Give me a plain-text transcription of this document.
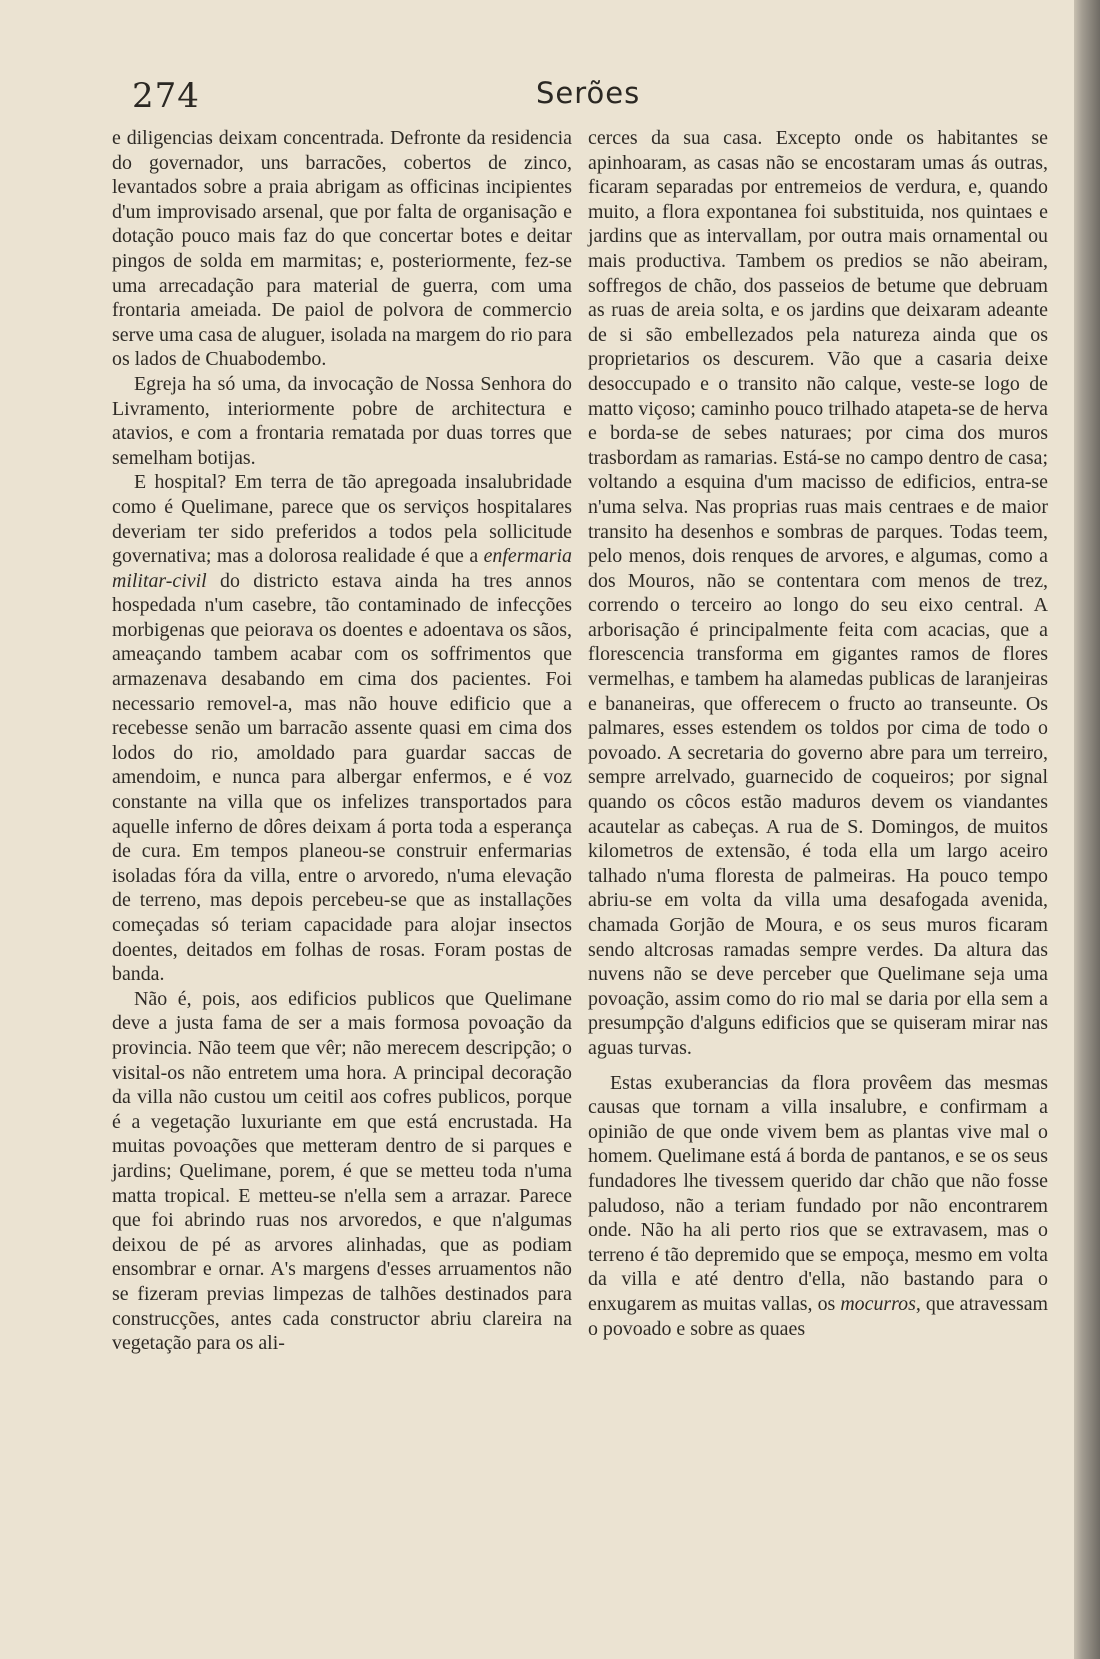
274	Serões

e diligencias deixam concentrada. Defronte da residencia do governador, uns barracões, cobertos de zinco, levantados sobre a praia abrigam as officinas incipientes d'um improvisado arsenal, que por falta de organisação e dotação pouco mais faz do que concertar botes e deitar pingos de solda em marmitas; e, posteriormente, fez-se uma arrecadação para material de guerra, com uma frontaria ameiada. De paiol de polvora de commercio serve uma casa de aluguer, isolada na margem do rio para os lados de Chuabodembo.

Egreja ha só uma, da invocação de Nossa Senhora do Livramento, interiormente pobre de architectura e atavios, e com a frontaria rematada por duas torres que semelham botijas.

E hospital? Em terra de tão apregoada insalubridade como é Quelimane, parece que os serviços hospitalares deveriam ter sido preferidos a todos pela sollicitude governativa; mas a dolorosa realidade é que a enfermaria militar-civil do districto estava ainda ha tres annos hospedada n'um casebre, tão contaminado de infecções morbigenas que peiorava os doentes e adoentava os sãos, ameaçando tambem acabar com os soffrimentos que armazenava desabando em cima dos pacientes. Foi necessario removel-a, mas não houve edificio que a recebesse senão um barracão assente quasi em cima dos lodos do rio, amoldado para guardar saccas de amendoim, e nunca para albergar enfermos, e é voz constante na villa que os infelizes transportados para aquelle inferno de dôres deixam á porta toda a esperança de cura. Em tempos planeou-se construir enfermarias isoladas fóra da villa, entre o arvoredo, n'uma elevação de terreno, mas depois percebeu-se que as installações começadas só teriam capacidade para alojar insectos doentes, deitados em folhas de rosas. Foram postas de banda.

Não é, pois, aos edificios publicos que Quelimane deve a justa fama de ser a mais formosa povoação da provincia. Não teem que vêr; não merecem descripção; o visital-os não entretem uma hora. A principal decoração da villa não custou um ceitil aos cofres publicos, porque é a vegetação luxuriante em que está encrustada. Ha muitas povoações que metteram dentro de si parques e jardins; Quelimane, porem, é que se metteu toda n'uma matta tropical. E metteu-se n'ella sem a arrazar. Parece que foi abrindo ruas nos arvoredos, e que n'algumas deixou de pé as arvores alinhadas, que as podiam ensombrar e ornar. A's margens d'esses arruamentos não se fizeram previas limpezas de talhões destinados para construcções, antes cada constructor abriu clareira na vegetação para os ali-

cerces da sua casa. Excepto onde os habitantes se apinhoaram, as casas não se encostaram umas ás outras, ficaram separadas por entremeios de verdura, e, quando muito, a flora expontanea foi substituida, nos quintaes e jardins que as intervallam, por outra mais ornamental ou mais productiva. Tambem os predios se não abeiram, soffregos de chão, dos passeios de betume que debruam as ruas de areia solta, e os jardins que deixaram adeante de si são embellezados pela natureza ainda que os proprietarios os descurem. Vão que a casaria deixe desoccupado e o transito não calque, veste-se logo de matto viçoso; caminho pouco trilhado atapeta-se de herva e borda-se de sebes naturaes; por cima dos muros trasbordam as ramarias. Está-se no campo dentro de casa; voltando a esquina d'um macisso de edificios, entra-se n'uma selva. Nas proprias ruas mais centraes e de maior transito ha desenhos e sombras de parques. Todas teem, pelo menos, dois renques de arvores, e algumas, como a dos Mouros, não se contentara com menos de trez, correndo o terceiro ao longo do seu eixo central. A arborisação é principalmente feita com acacias, que a florescencia transforma em gigantes ramos de flores vermelhas, e tambem ha alamedas publicas de laranjeiras e bananeiras, que offerecem o fructo ao transeunte. Os palmares, esses estendem os toldos por cima de todo o povoado. A secretaria do governo abre para um terreiro, sempre arrelvado, guarnecido de coqueiros; por signal quando os côcos estão maduros devem os viandantes acautelar as cabeças. A rua de S. Domingos, de muitos kilometros de extensão, é toda ella um largo aceiro talhado n'uma floresta de palmeiras. Ha pouco tempo abriu-se em volta da villa uma desafogada avenida, chamada Gorjão de Moura, e os seus muros ficaram sendo altcrosas ramadas sempre verdes. Da altura das nuvens não se deve perceber que Quelimane seja uma povoação, assim como do rio mal se daria por ella sem a presumpção d'alguns edificios que se quiseram mirar nas aguas turvas.

Estas exuberancias da flora provêem das mesmas causas que tornam a villa insalubre, e confirmam a opinião de que onde vivem bem as plantas vive mal o homem. Quelimane está á borda de pantanos, e se os seus fundadores lhe tivessem querido dar chão que não fosse paludoso, não a teriam fundado por não encontrarem onde. Não ha ali perto rios que se extravasem, mas o terreno é tão depremido que se empoça, mesmo em volta da villa e até dentro d'ella, não bastando para o enxugarem as muitas vallas, os mocurros, que atravessam o povoado e sobre as quaes
